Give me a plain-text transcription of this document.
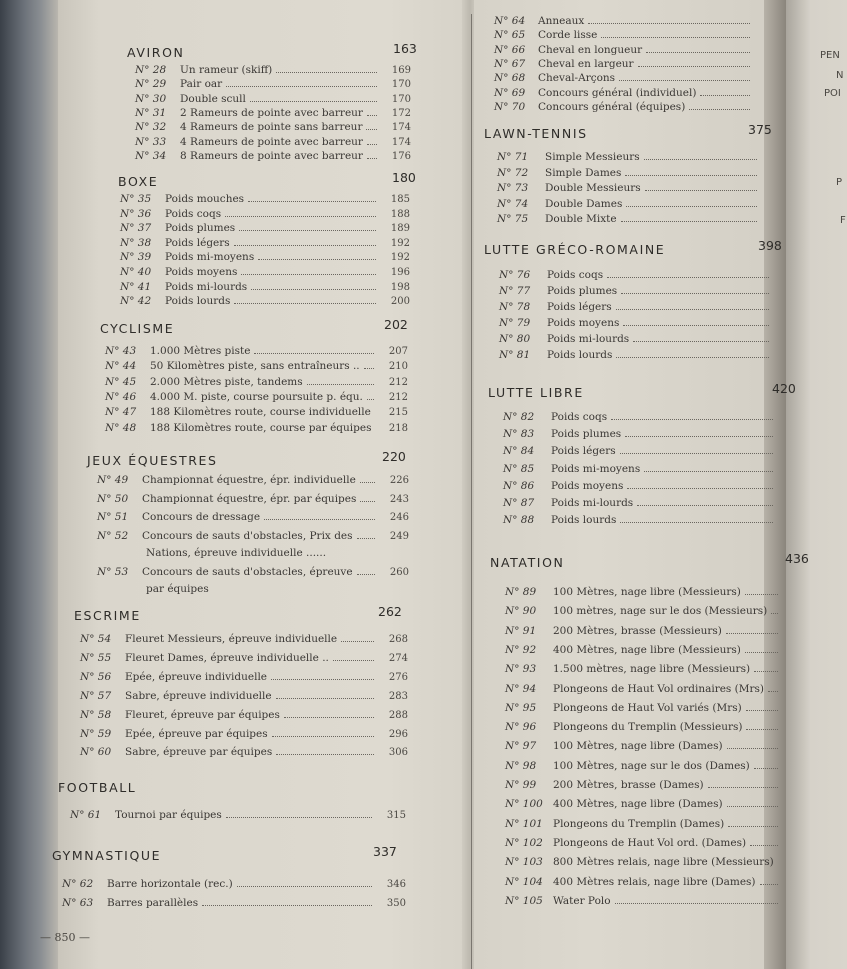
AVIRON	163
N° 28 Un rameur (skiff)	169
N° 29 Pair oar	170
N° 30 Double scull	170
N° 31 2 Rameurs de pointe avec barreur	172
N° 32 4 Rameurs de pointe sans barreur	174
N° 33 4 Rameurs de pointe avec barreur	174
N° 34 8 Rameurs de pointe avec barreur	176
BOXE	180
N° 35 Poids mouches	185
N° 36 Poids coqs	188
N° 37 Poids plumes	189
N° 38 Poids légers	192
N° 39 Poids mi-moyens	192
N° 40 Poids moyens	196
N° 41 Poids mi-lourds	198
N° 42 Poids lourds	200
CYCLISME	202
N° 43 1.000 Mètres piste	207
N° 44 50 Kilomètres piste, sans entraîneurs ..	210
N° 45 2.000 Mètres piste, tandems	212
N° 46 4.000 M. piste, course poursuite p. équ.	212
N° 47 188 Kilomètres route, course individuelle	215
N° 48 188 Kilomètres route, course par équipes	218
JEUX ÉQUESTRES	220
N° 49 Championnat équestre, épr. individuelle	226
N° 50 Championnat équestre, épr. par équipes	243
N° 51 Concours de dressage	246
N° 52 Concours de sauts d'obstacles, Prix des	249
Nations, épreuve individuelle ......
N° 53 Concours de sauts d'obstacles, épreuve	260
par équipes
ESCRIME	262
N° 54 Fleuret Messieurs, épreuve individuelle	268
N° 55 Fleuret Dames, épreuve individuelle ..	274
N° 56 Epée, épreuve individuelle	276
N° 57 Sabre, épreuve individuelle	283
N° 58 Fleuret, épreuve par équipes	288
N° 59 Epée, épreuve par équipes	296
N° 60 Sabre, épreuve par équipes	306
FOOTBALL
N° 61 Tournoi par équipes	315
GYMNASTIQUE	337
N° 62 Barre horizontale (rec.)	346
N° 63 Barres parallèles	350
N° 64 Anneaux
N° 65 Corde lisse
N° 66 Cheval en longueur
N° 67 Cheval en largeur
N° 68 Cheval-Arçons
N° 69 Concours général (individuel)
N° 70 Concours général (équipes)
LAWN-TENNIS	375
N° 71 Simple Messieurs
N° 72 Simple Dames
N° 73 Double Messieurs
N° 74 Double Dames
N° 75 Double Mixte
LUTTE GRÉCO-ROMAINE	398
N° 76 Poids coqs
N° 77 Poids plumes
N° 78 Poids légers
N° 79 Poids moyens
N° 80 Poids mi-lourds
N° 81 Poids lourds
LUTTE LIBRE	420
N° 82 Poids coqs
N° 83 Poids plumes
N° 84 Poids légers
N° 85 Poids mi-moyens
N° 86 Poids moyens
N° 87 Poids mi-lourds
N° 88 Poids lourds
NATATION	436
N° 89 100 Mètres, nage libre (Messieurs)
N° 90 100 mètres, nage sur le dos (Messieurs)
N° 91 200 Mètres, brasse (Messieurs)
N° 92 400 Mètres, nage libre (Messieurs)
N° 93 1.500 mètres, nage libre (Messieurs)
N° 94 Plongeons de Haut Vol ordinaires (Mrs)
N° 95 Plongeons de Haut Vol variés (Mrs)
N° 96 Plongeons du Tremplin (Messieurs)
N° 97 100 Mètres, nage libre (Dames)
N° 98 100 Mètres, nage sur le dos (Dames)
N° 99 200 Mètres, brasse (Dames)
N° 100 400 Mètres, nage libre (Dames)
N° 101 Plongeons du Tremplin (Dames)
N° 102 Plongeons de Haut Vol ord. (Dames)
N° 103 800 Mètres relais, nage libre (Messieurs)
N° 104 400 Mètres relais, nage libre (Dames)
N° 105 Water Polo
— 850 —
PEN
N
POI
P
F
